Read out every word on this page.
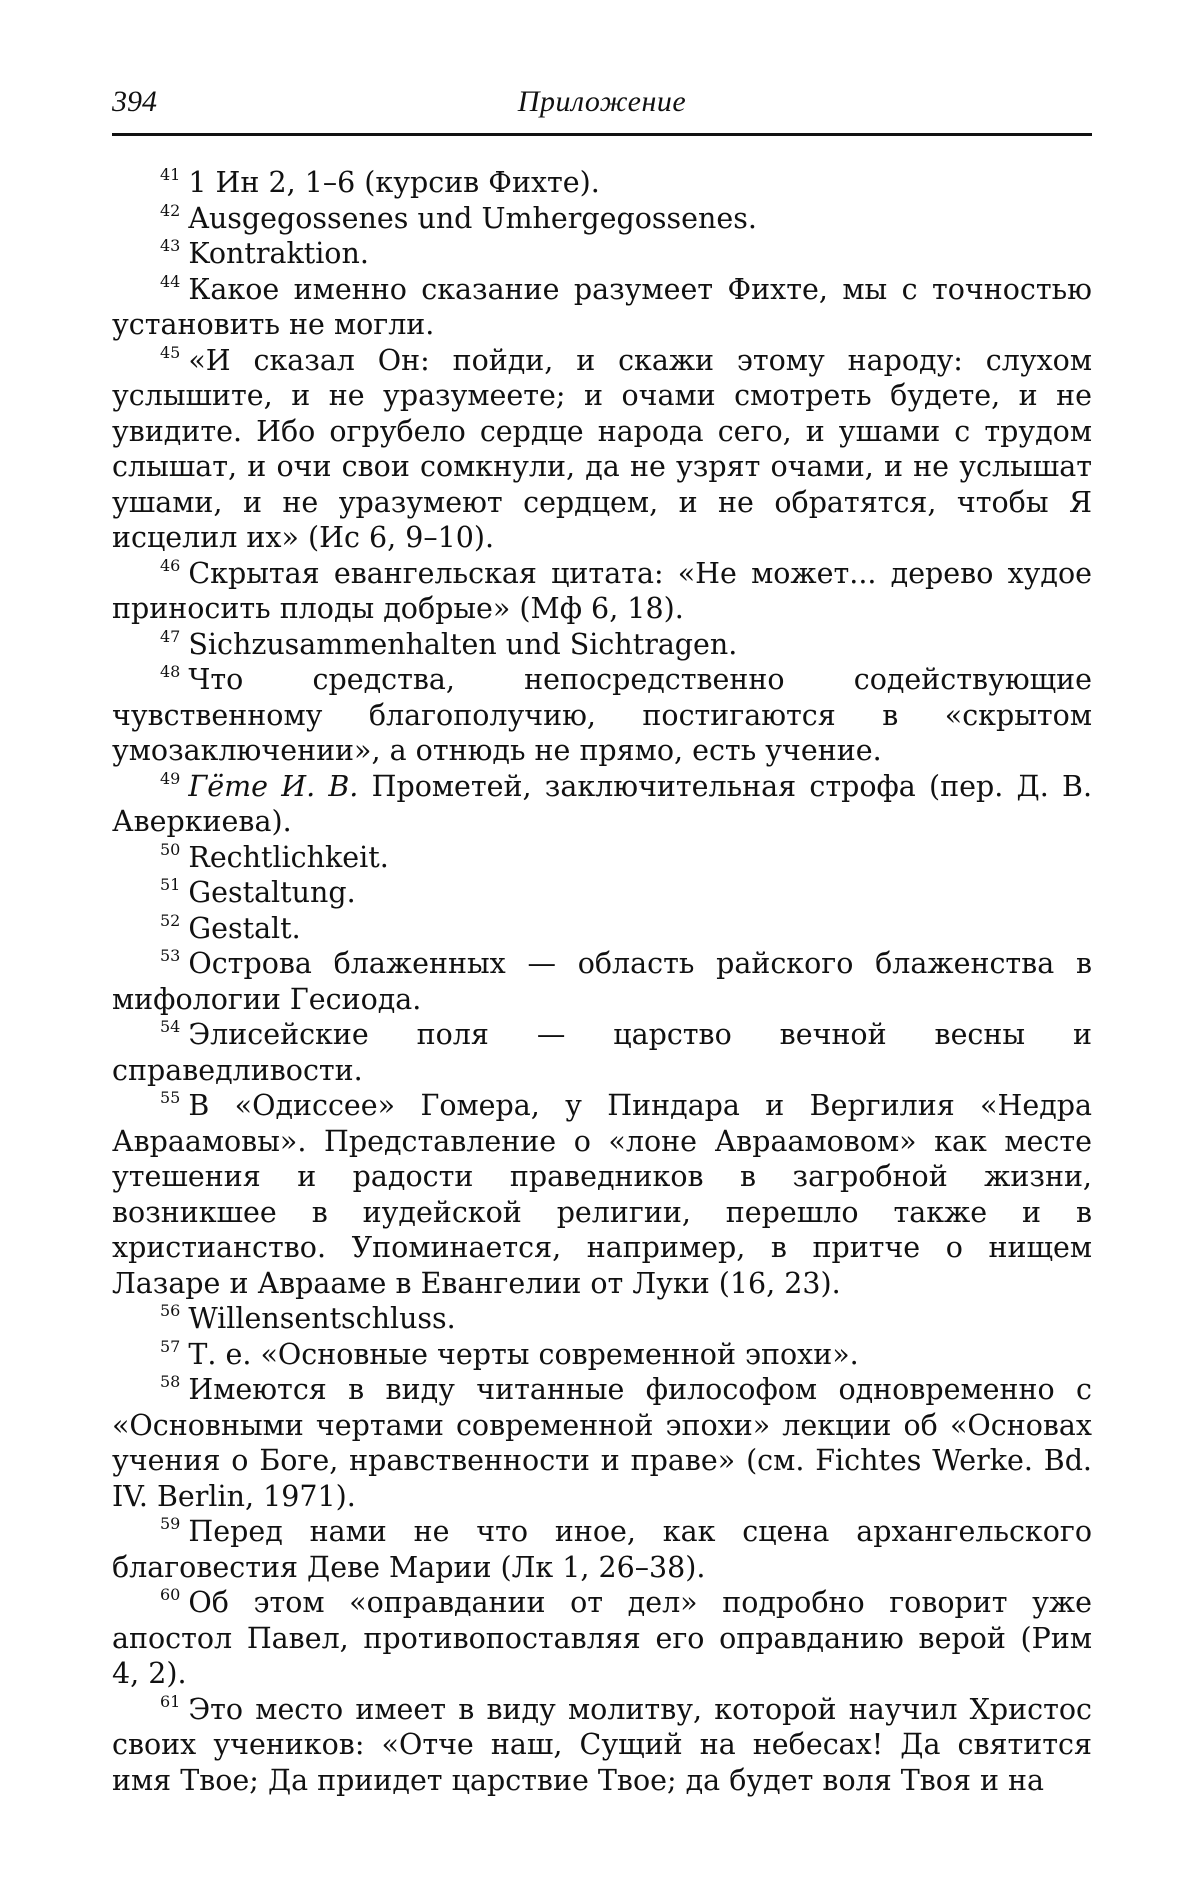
394	Приложение

41 1 Ин 2, 1–6 (курсив Фихте).

42 Ausgegossenes und Umhergegossenes.

43 Kontraktion.

44 Какое именно сказание разумеет Фихте, мы с точностью установить не могли.

45 «И сказал Он: пойди, и скажи этому народу: слухом услышите, и не уразумеете; и очами смотреть будете, и не увидите. Ибо огрубело сердце народа сего, и ушами с трудом слышат, и очи свои сомкнули, да не узрят очами, и не услышат ушами, и не уразумеют сердцем, и не обратятся, чтобы Я исцелил их» (Ис 6, 9–10).

46 Скрытая евангельская цитата: «Не может... дерево худое приносить плоды добрые» (Мф 6, 18).

47 Sichzusammenhalten und Sichtragen.

48 Что средства, непосредственно содействующие чувственному благополучию, постигаются в «скрытом умозаключении», а отнюдь не прямо, есть учение.

49 Гёте И. В. Прометей, заключительная строфа (пер. Д. В. Аверкиева).

50 Rechtlichkeit.

51 Gestaltung.

52 Gestalt.

53 Острова блаженных — область райского блаженства в мифологии Гесиода.

54 Элисейские поля — царство вечной весны и справедливости.

55 В «Одиссее» Гомера, у Пиндара и Вергилия «Недра Авраамовы». Представление о «лоне Авраамовом» как месте утешения и радости праведников в загробной жизни, возникшее в иудейской религии, перешло также и в христианство. Упоминается, например, в притче о нищем Лазаре и Аврааме в Евангелии от Луки (16, 23).

56 Willensentschluss.

57 Т. е. «Основные черты современной эпохи».

58 Имеются в виду читанные философом одновременно с «Основными чертами современной эпохи» лекции об «Основах учения о Боге, нравственности и праве» (см. Fichtes Werke. Bd. IV. Berlin, 1971).

59 Перед нами не что иное, как сцена архангельского благовестия Деве Марии (Лк 1, 26–38).

60 Об этом «оправдании от дел» подробно говорит уже апостол Павел, противопоставляя его оправданию верой (Рим 4, 2).

61 Это место имеет в виду молитву, которой научил Христос своих учеников: «Отче наш, Сущий на небесах! Да святится имя Твое; Да приидет царствие Твое; да будет воля Твоя и на
